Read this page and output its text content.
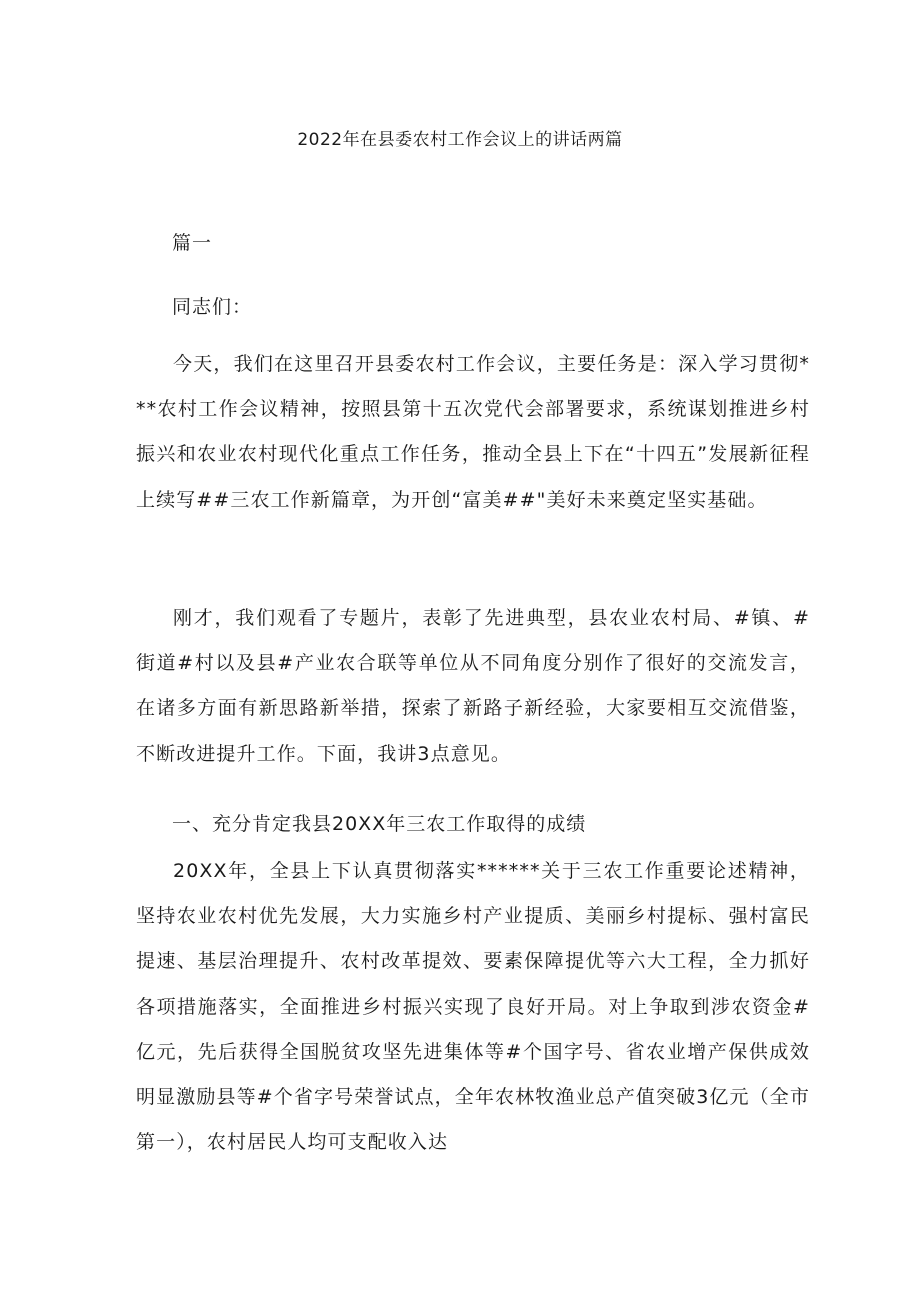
2022年在县委农村工作会议上的讲话两篇
篇一
同志们：

今天，我们在这里召开县委农村工作会议，主要任务是：深入学习贯彻***农村工作会议精神，按照县第十五次党代会部署要求，系统谋划推进乡村振兴和农业农村现代化重点工作任务，推动全县上下在“十四五”发展新征程上续写##三农工作新篇章，为开创“富美##"美好未来奠定坚实基础。

刚才，我们观看了专题片，表彰了先进典型，县农业农村局、#镇、#街道#村以及县#产业农合联等单位从不同角度分别作了很好的交流发言，在诸多方面有新思路新举措，探索了新路子新经验，大家要相互交流借鉴，不断改进提升工作。下面，我讲3点意见。

一、充分肯定我县20XX年三农工作取得的成绩

20XX年，全县上下认真贯彻落实******关于三农工作重要论述精神，坚持农业农村优先发展，大力实施乡村产业提质、美丽乡村提标、强村富民提速、基层治理提升、农村改革提效、要素保障提优等六大工程，全力抓好各项措施落实，全面推进乡村振兴实现了良好开局。对上争取到涉农资金#亿元，先后获得全国脱贫攻坚先进集体等#个国字号、省农业增产保供成效明显激励县等#个省字号荣誉试点，全年农林牧渔业总产值突破3亿元（全市第一），农村居民人均可支配收入达
